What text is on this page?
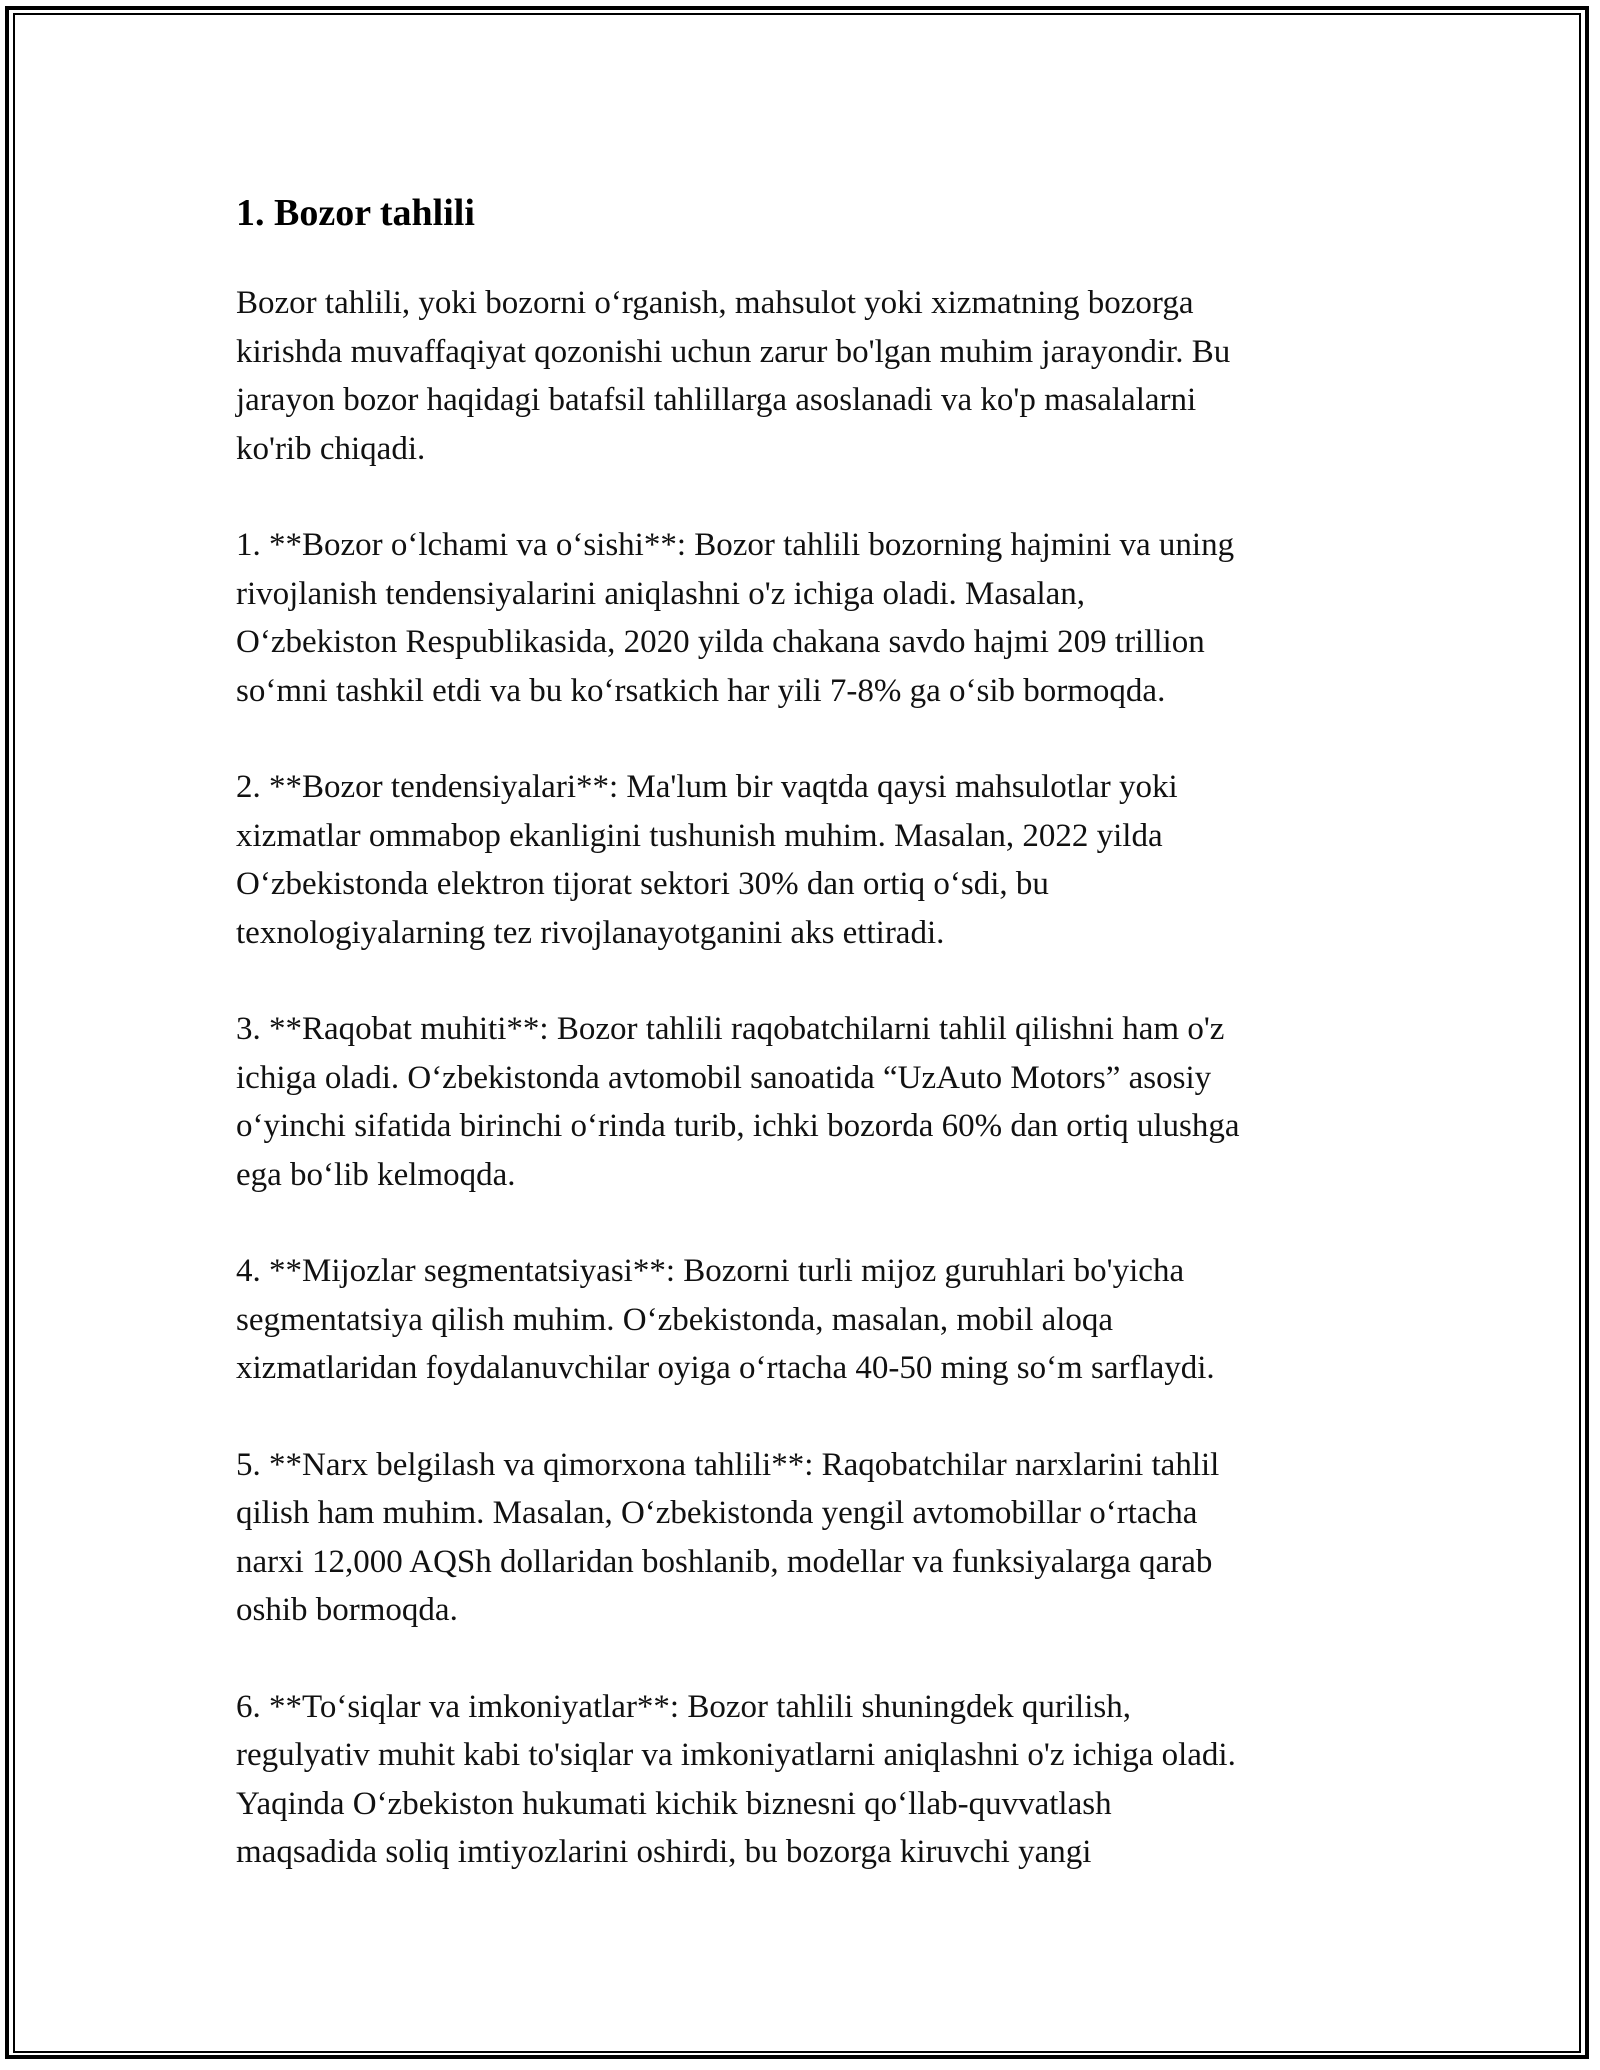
1. Bozor tahlili

Bozor tahlili, yoki bozorni o‘rganish, mahsulot yoki xizmatning bozorga
kirishda muvaffaqiyat qozonishi uchun zarur bo'lgan muhim jarayondir. Bu
jarayon bozor haqidagi batafsil tahlillarga asoslanadi va ko'p masalalarni
ko'rib chiqadi.

1. **Bozor o‘lchami va o‘sishi**: Bozor tahlili bozorning hajmini va uning
rivojlanish tendensiyalarini aniqlashni o'z ichiga oladi. Masalan,
O‘zbekiston Respublikasida, 2020 yilda chakana savdo hajmi 209 trillion
so‘mni tashkil etdi va bu ko‘rsatkich har yili 7-8% ga o‘sib bormoqda.

2. **Bozor tendensiyalari**: Ma'lum bir vaqtda qaysi mahsulotlar yoki
xizmatlar ommabop ekanligini tushunish muhim. Masalan, 2022 yilda
O‘zbekistonda elektron tijorat sektori 30% dan ortiq o‘sdi, bu
texnologiyalarning tez rivojlanayotganini aks ettiradi.

3. **Raqobat muhiti**: Bozor tahlili raqobatchilarni tahlil qilishni ham o'z
ichiga oladi. O‘zbekistonda avtomobil sanoatida “UzAuto Motors” asosiy
o‘yinchi sifatida birinchi o‘rinda turib, ichki bozorda 60% dan ortiq ulushga
ega bo‘lib kelmoqda.

4. **Mijozlar segmentatsiyasi**: Bozorni turli mijoz guruhlari bo'yicha
segmentatsiya qilish muhim. O‘zbekistonda, masalan, mobil aloqa
xizmatlaridan foydalanuvchilar oyiga o‘rtacha 40-50 ming so‘m sarflaydi.

5. **Narx belgilash va qimorxona tahlili**: Raqobatchilar narxlarini tahlil
qilish ham muhim. Masalan, O‘zbekistonda yengil avtomobillar o‘rtacha
narxi 12,000 AQSh dollaridan boshlanib, modellar va funksiyalarga qarab
oshib bormoqda.

6. **To‘siqlar va imkoniyatlar**: Bozor tahlili shuningdek qurilish,
regulyativ muhit kabi to'siqlar va imkoniyatlarni aniqlashni o'z ichiga oladi.
Yaqinda O‘zbekiston hukumati kichik biznesni qo‘llab-quvvatlash
maqsadida soliq imtiyozlarini oshirdi, bu bozorga kiruvchi yangi
